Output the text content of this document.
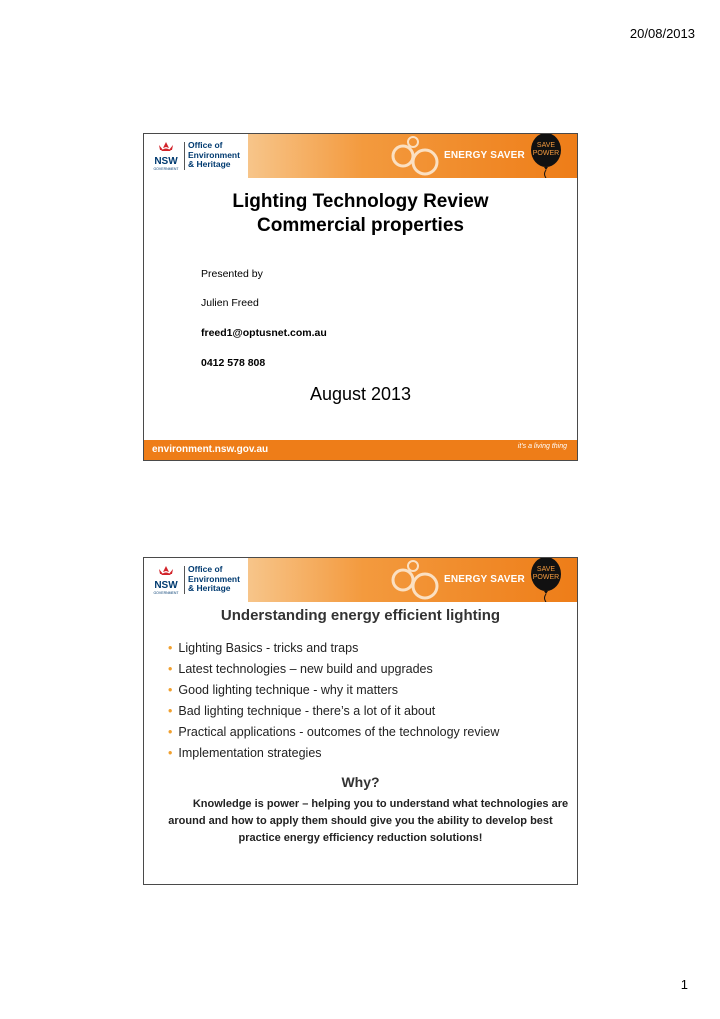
20/08/2013
NSW
GOVERNMENT
Office of
Environment
& Heritage
ENERGY SAVER
SAVE
POWER
Lighting Technology Review
Commercial properties
Presented by
Julien Freed
freed1@optusnet.com.au
0412 578 808
August 2013
environment.nsw.gov.au	it's a living thing
NSW
GOVERNMENT
Office of
Environment
& Heritage
ENERGY SAVER
SAVE
POWER
Understanding energy efficient lighting
• Lighting Basics - tricks and traps
• Latest technologies – new build and upgrades
• Good lighting technique - why it matters
• Bad lighting technique - there’s a lot of it about
• Practical applications - outcomes of the technology review
• Implementation strategies
Why?
Knowledge is power – helping you to understand what technologies are around and how to apply them should give you the ability to develop best practice energy efficiency reduction solutions!
1
